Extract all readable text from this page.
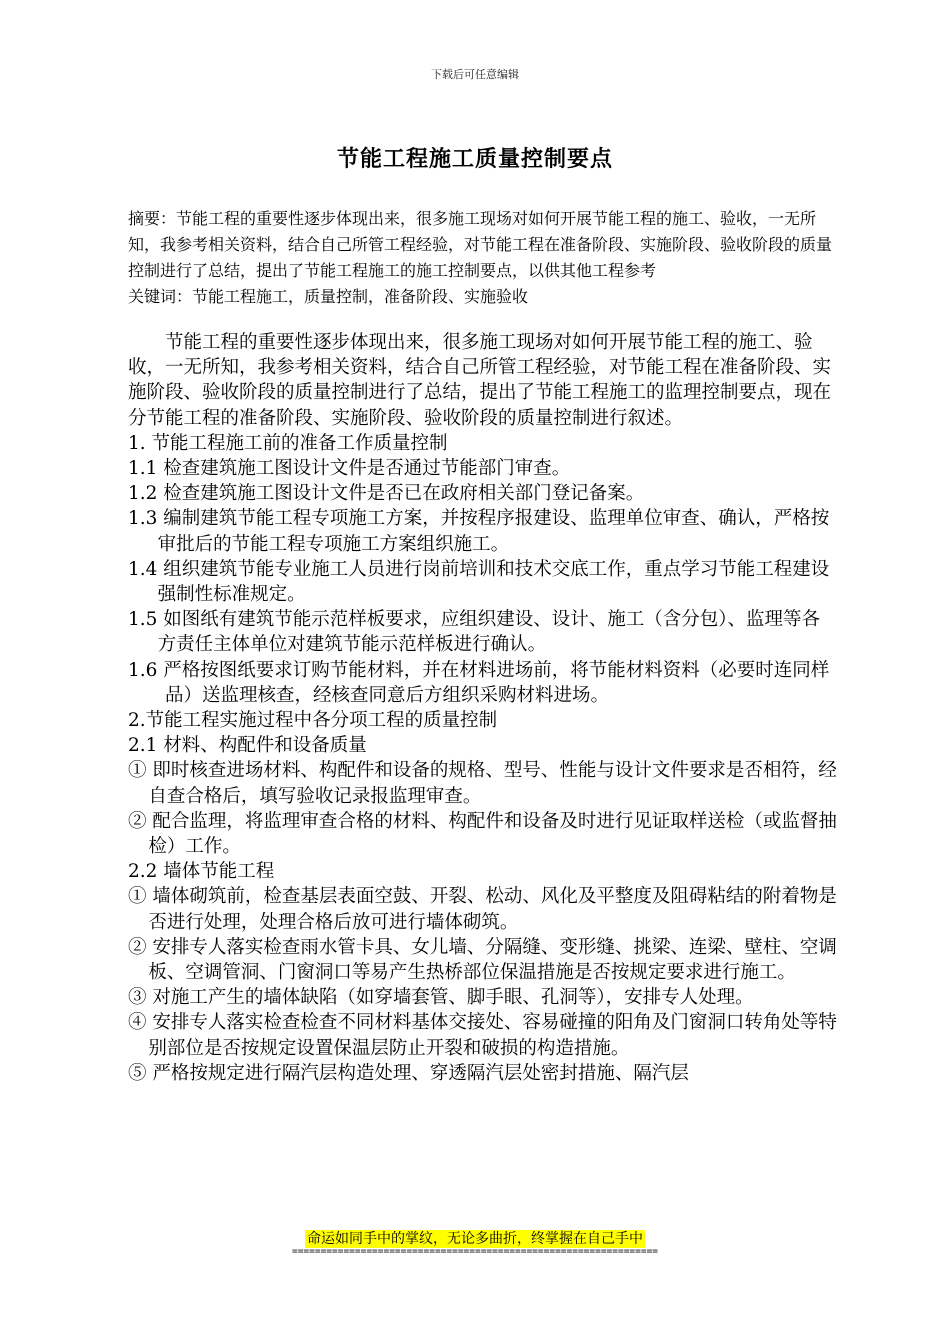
下载后可任意编辑
节能工程施工质量控制要点
摘要：节能工程的重要性逐步体现出来，很多施工现场对如何开展节能工程的施工、验收，一无所知，我参考相关资料，结合自己所管工程经验，对节能工程在准备阶段、实施阶段、验收阶段的质量控制进行了总结，提出了节能工程施工的施工控制要点，以供其他工程参考
关键词：节能工程施工，质量控制，准备阶段、实施验收

节能工程的重要性逐步体现出来，很多施工现场对如何开展节能工程的施工、验收，一无所知，我参考相关资料，结合自己所管工程经验，对节能工程在准备阶段、实施阶段、验收阶段的质量控制进行了总结，提出了节能工程施工的监理控制要点，现在分节能工程的准备阶段、实施阶段、验收阶段的质量控制进行叙述。

1. 节能工程施工前的准备工作质量控制

1.1 检查建筑施工图设计文件是否通过节能部门审查。

1.2 检查建筑施工图设计文件是否已在政府相关部门登记备案。

1.3 编制建筑节能工程专项施工方案，并按程序报建设、监理单位审查、确认，严格按审批后的节能工程专项施工方案组织施工。

1.4 组织建筑节能专业施工人员进行岗前培训和技术交底工作，重点学习节能工程建设强制性标准规定。

1.5 如图纸有建筑节能示范样板要求，应组织建设、设计、施工（含分包）、监理等各方责任主体单位对建筑节能示范样板进行确认。

1.6 严格按图纸要求订购节能材料，并在材料进场前，将节能材料资料（必要时连同样品）送监理核查，经核查同意后方组织采购材料进场。

2.节能工程实施过程中各分项工程的质量控制

2.1 材料、构配件和设备质量

① 即时核查进场材料、构配件和设备的规格、型号、性能与设计文件要求是否相符，经自查合格后，填写验收记录报监理审查。

② 配合监理，将监理审查合格的材料、构配件和设备及时进行见证取样送检（或监督抽检）工作。

2.2 墙体节能工程

① 墙体砌筑前，检查基层表面空鼓、开裂、松动、风化及平整度及阻碍粘结的附着物是否进行处理，处理合格后放可进行墙体砌筑。

② 安排专人落实检查雨水管卡具、女儿墙、分隔缝、变形缝、挑梁、连梁、壁柱、空调板、空调管洞、门窗洞口等易产生热桥部位保温措施是否按规定要求进行施工。

③ 对施工产生的墙体缺陷（如穿墙套管、脚手眼、孔洞等），安排专人处理。

④ 安排专人落实检查检查不同材料基体交接处、容易碰撞的阳角及门窗洞口转角处等特别部位是否按规定设置保温层防止开裂和破损的构造措施。

⑤ 严格按规定进行隔汽层构造处理、穿透隔汽层处密封措施、隔汽层

命运如同手中的掌纹，无论多曲折，终掌握在自己手中
================================================================
